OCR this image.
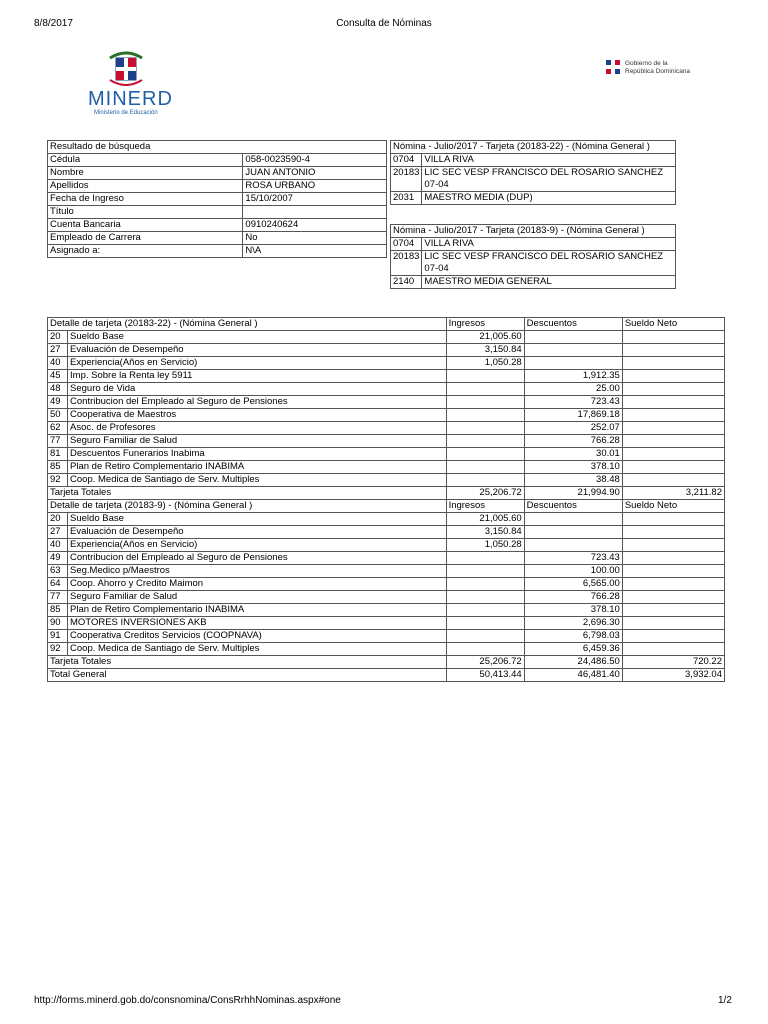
8/8/2017	Consulta de Nóminas
MINERD
Ministerio de Educación
Gobierno de la
República Dominicana
Resultado de búsqueda	
Cédula	058-0023590-4
Nombre	JUAN ANTONIO
Apellidos	ROSA URBANO
Fecha de Ingreso	15/10/2007
Título	
Cuenta Bancaria	0910240624
Empleado de Carrera	No
Asignado a:	N\A
Nómina - Julio/2017 - Tarjeta (20183-22) - (Nómina General )	
0704	VILLA RIVA
20183	LIC SEC VESP FRANCISCO DEL ROSARIO SANCHEZ 07-04
2031	MAESTRO MEDIA (DUP)
Nómina - Julio/2017 - Tarjeta (20183-9) - (Nómina General )	
0704	VILLA RIVA
20183	LIC SEC VESP FRANCISCO DEL ROSARIO SANCHEZ 07-04
2140	MAESTRO MEDIA GENERAL
Detalle de tarjeta (20183-22) - (Nómina General )		Ingresos	Descuentos	Sueldo Neto
20	Sueldo Base	21,005.60		
27	Evaluación de Desempeño	3,150.84		
40	Experiencia(Años en Servicio)	1,050.28		
45	Imp. Sobre la Renta ley 5911		1,912.35	
48	Seguro de Vida		25.00	
49	Contribucion del Empleado al Seguro de Pensiones		723.43	
50	Cooperativa de Maestros		17,869.18	
62	Asoc. de Profesores		252.07	
77	Seguro Familiar de Salud		766.28	
81	Descuentos Funerarios Inabima		30.01	
85	Plan de Retiro Complementario INABIMA		378.10	
92	Coop. Medica de Santiago de Serv. Multiples		38.48	
Tarjeta Totales		25,206.72	21,994.90	3,211.82
Detalle de tarjeta (20183-9) - (Nómina General )		Ingresos	Descuentos	Sueldo Neto
20	Sueldo Base	21,005.60		
27	Evaluación de Desempeño	3,150.84		
40	Experiencia(Años en Servicio)	1,050.28		
49	Contribucion del Empleado al Seguro de Pensiones		723.43	
63	Seg.Medico p/Maestros		100.00	
64	Coop. Ahorro y Credito Maimon		6,565.00	
77	Seguro Familiar de Salud		766.28	
85	Plan de Retiro Complementario INABIMA		378.10	
90	MOTORES INVERSIONES AKB		2,696.30	
91	Cooperativa Creditos Servicios (COOPNAVA)		6,798.03	
92	Coop. Medica de Santiago de Serv. Multiples		6,459.36	
Tarjeta Totales		25,206.72	24,486.50	720.22
Total General		50,413.44	46,481.40	3,932.04
http://forms.minerd.gob.do/consnomina/ConsRrhhNominas.aspx#one	1/2
